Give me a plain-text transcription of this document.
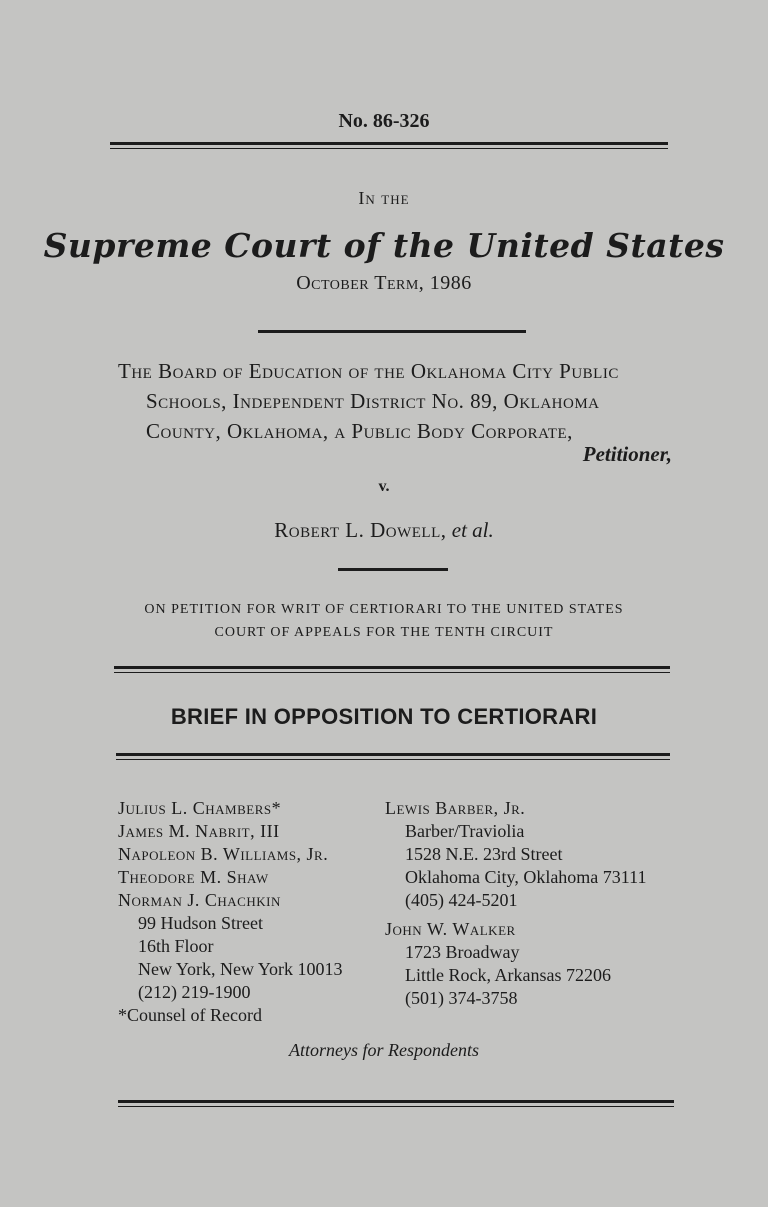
No. 86-326
In the
Supreme Court of the United States
October Term, 1986
The Board of Education of the Oklahoma City Public
Schools, Independent District No. 89, Oklahoma
County, Oklahoma, a Public Body Corporate,
Petitioner,
v.
Robert L. Dowell, et al.
ON PETITION FOR WRIT OF CERTIORARI TO THE UNITED STATES
COURT OF APPEALS FOR THE TENTH CIRCUIT
BRIEF IN OPPOSITION TO CERTIORARI
Julius L. Chambers*
James M. Nabrit, III
Napoleon B. Williams, Jr.
Theodore M. Shaw
Norman J. Chachkin
99 Hudson Street
16th Floor
New York, New York 10013
(212) 219-1900
*Counsel of Record
Lewis Barber, Jr.
Barber/Traviolia
1528 N.E. 23rd Street
Oklahoma City, Oklahoma 73111
(405) 424-5201
John W. Walker
1723 Broadway
Little Rock, Arkansas 72206
(501) 374-3758
Attorneys for Respondents
